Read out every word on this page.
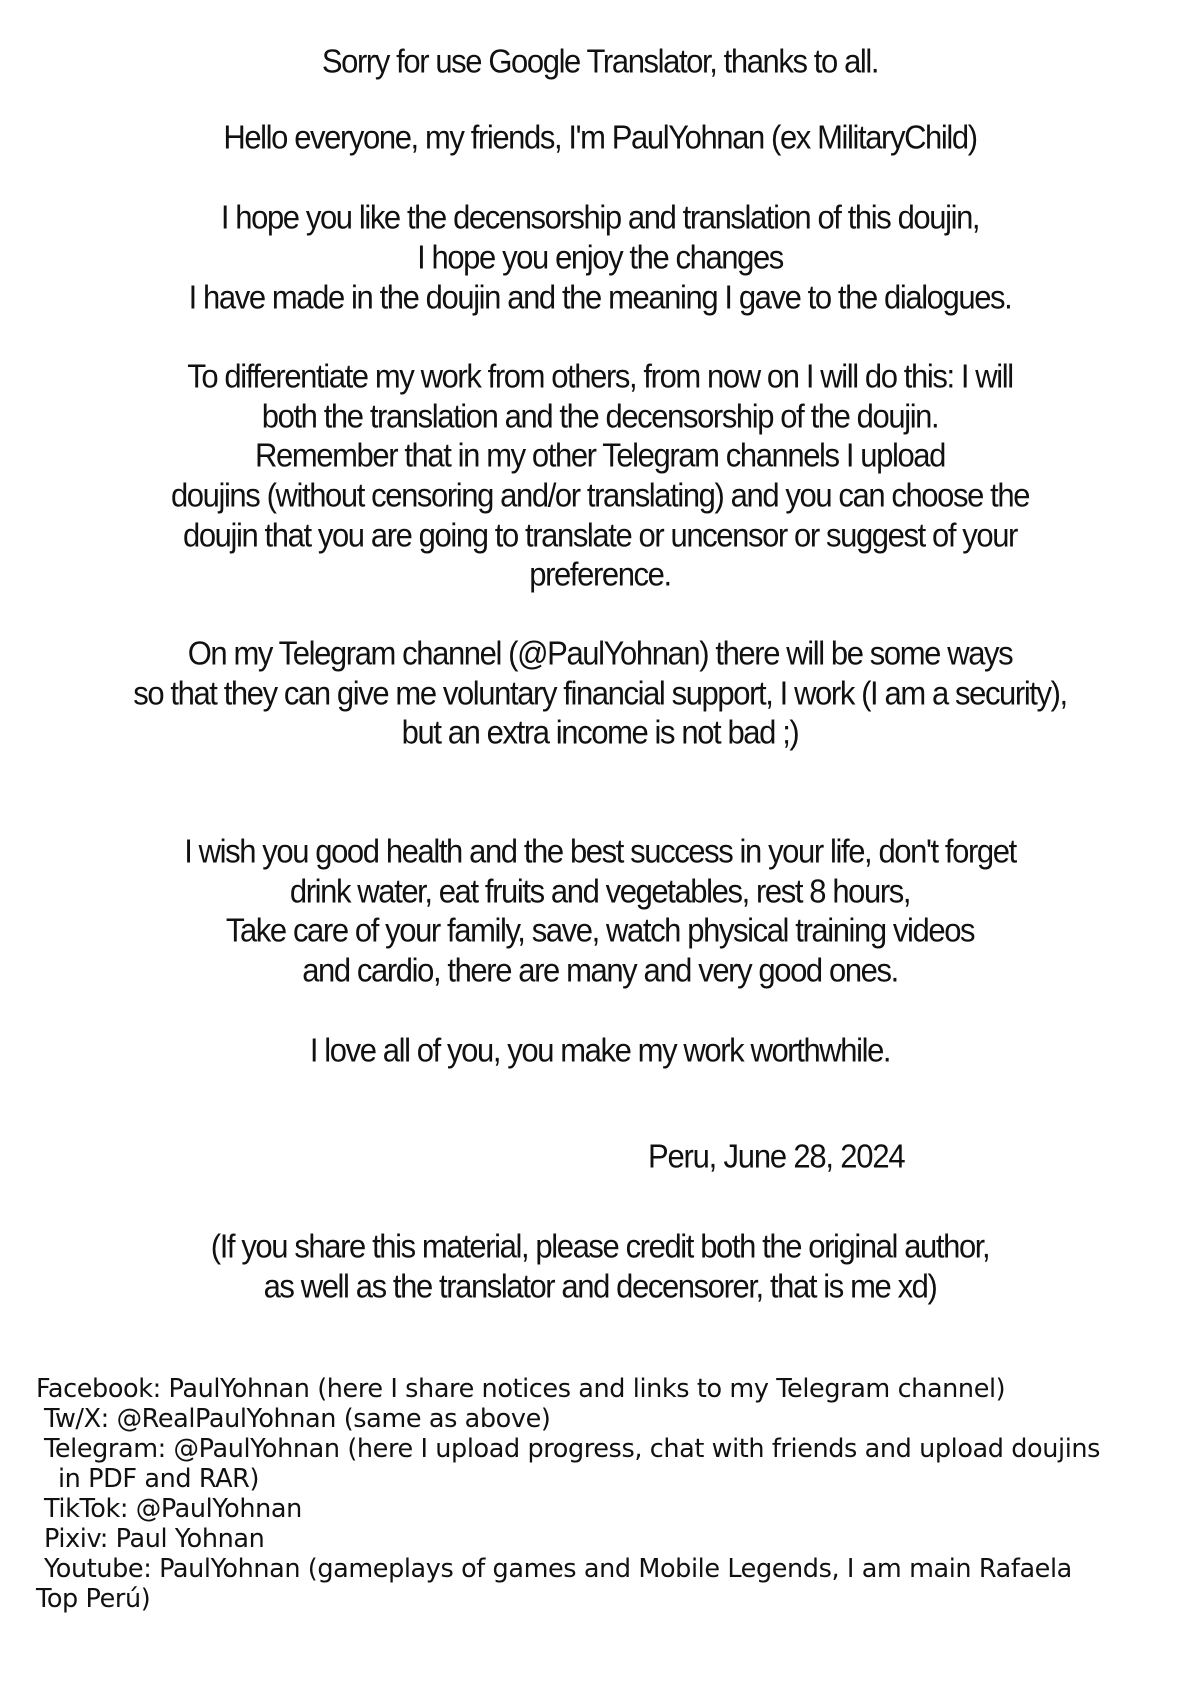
Sorry for use Google Translator, thanks to all.
Hello everyone, my friends, I'm PaulYohnan (ex MilitaryChild)
I hope you like the decensorship and translation of this doujin,
I hope you enjoy the changes
I have made in the doujin and the meaning I gave to the dialogues.
To differentiate my work from others, from now on I will do this: I will
both the translation and the decensorship of the doujin.
Remember that in my other Telegram channels I upload
doujins (without censoring and/or translating) and you can choose the
doujin that you are going to translate or uncensor or suggest of your
preference.
On my Telegram channel (@PaulYohnan) there will be some ways
so that they can give me voluntary financial support, I work (I am a security),
but an extra income is not bad ;)
I wish you good health and the best success in your life, don't forget
drink water, eat fruits and vegetables, rest 8 hours,
Take care of your family, save, watch physical training videos
and cardio, there are many and very good ones.
I love all of you, you make my work worthwhile.
Peru, June 28, 2024
(If you share this material, please credit both the original author,
as well as the translator and decensorer, that is me xd)
Facebook: PaulYohnan (here I share notices and links to my Telegram channel)
Tw/X: @RealPaulYohnan (same as above)
Telegram: @PaulYohnan (here I upload progress, chat with friends and upload doujins
in PDF and RAR)
TikTok: @PaulYohnan
Pixiv: Paul Yohnan
Youtube: PaulYohnan (gameplays of games and Mobile Legends, I am main Rafaela
Top Perú)
